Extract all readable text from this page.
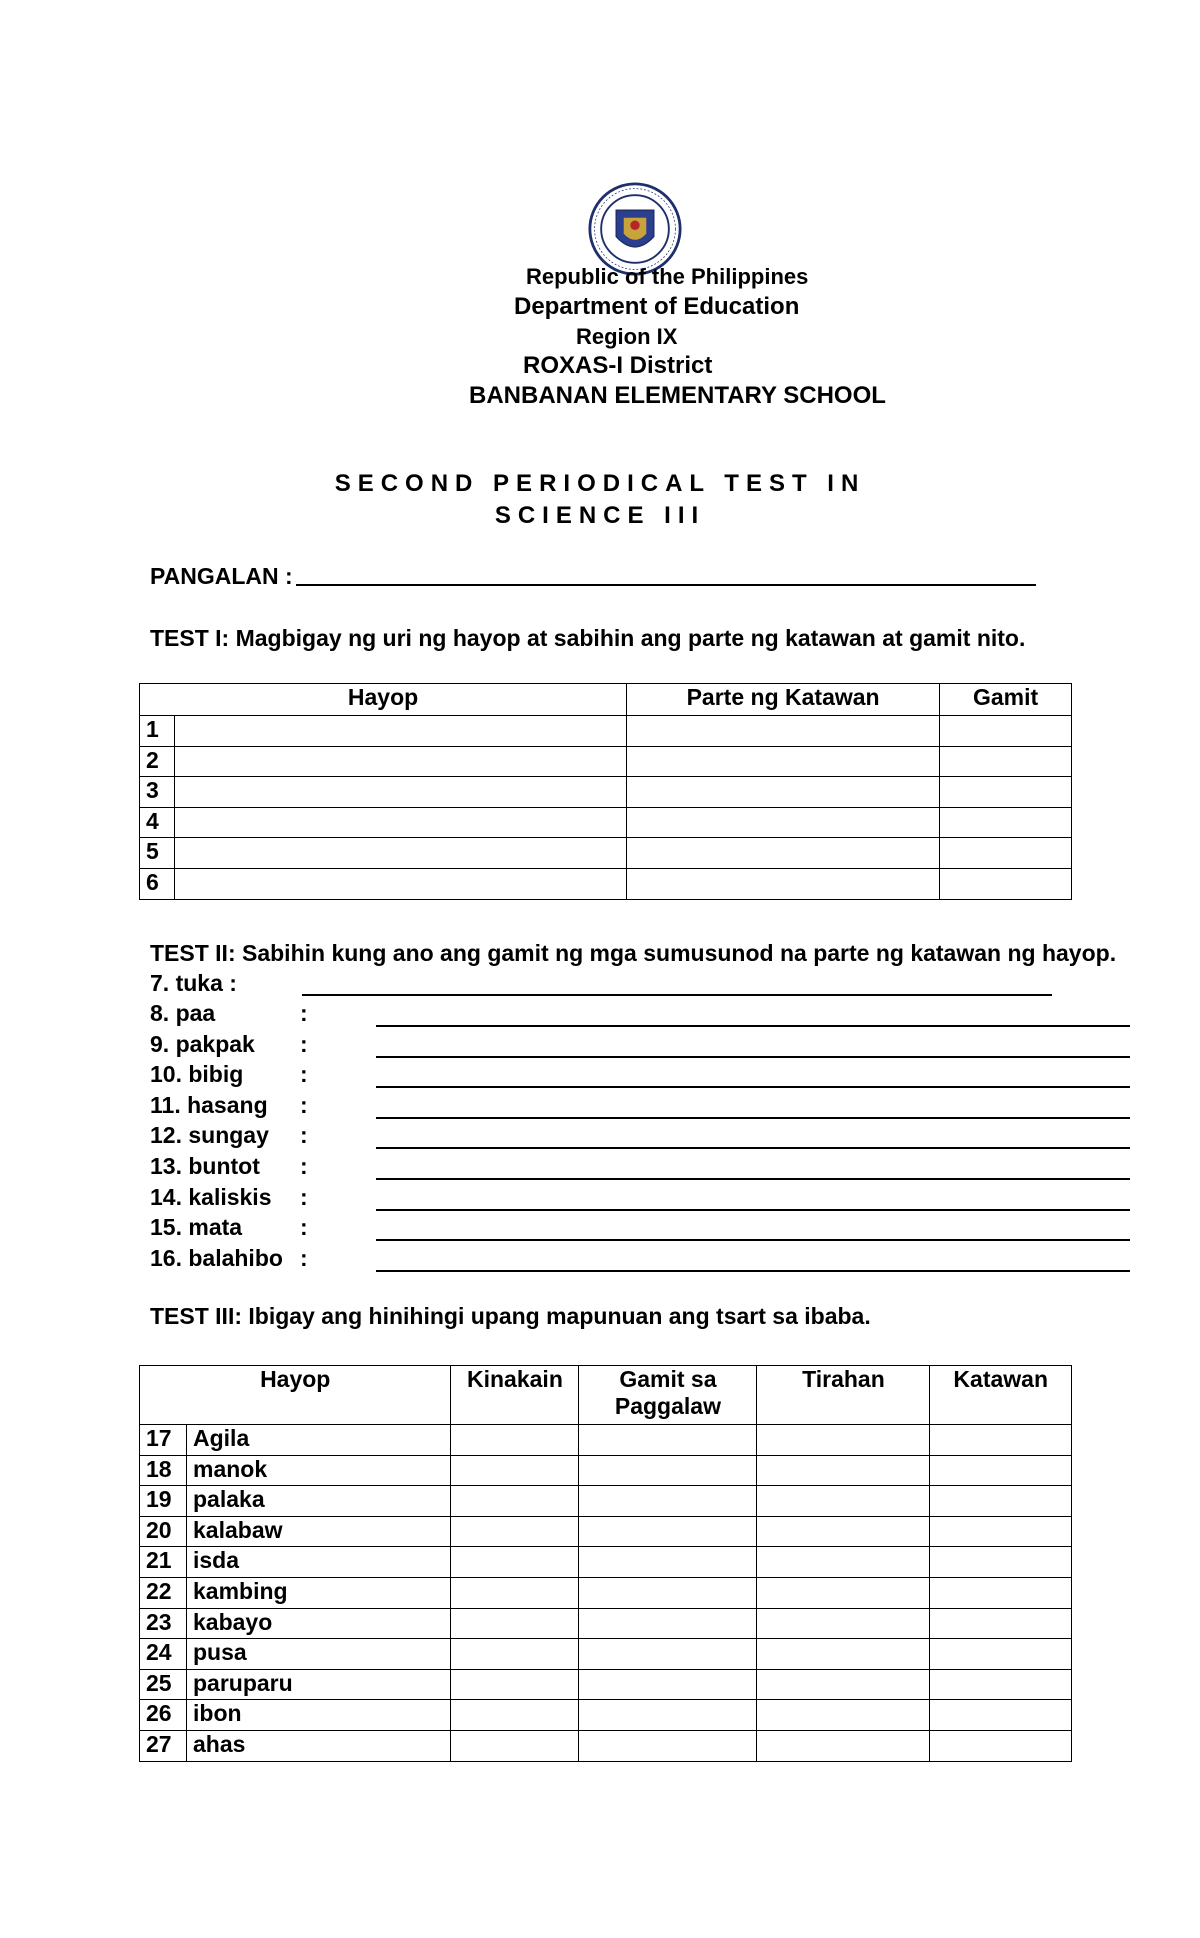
Republic of the Philippines
Department of Education
Region IX
ROXAS-I District
BANBANAN ELEMENTARY SCHOOL
SECOND PERIODICAL TEST IN
SCIENCE III
PANGALAN :
TEST I: Magbigay ng uri ng hayop at sabihin ang parte ng katawan at gamit nito.
Hayop		Parte ng Katawan	Gamit
1			
2			
3			
4			
5			
6			
TEST II: Sabihin kung ano ang gamit ng mga sumusunod na parte ng katawan ng hayop.
7. tuka :
8. paa	:
9. pakpak :
10. bibig :
11. hasang :
12. sungay :
13. buntot :
14. kaliskis :
15. mata	:
16. balahibo :
TEST III: Ibigay ang hinihingi upang mapunuan ang tsart sa ibaba.
Hayop		Kinakain	Gamit sa Paggalaw	Tirahan	Katawan
17	Agila				
18	manok				
19	palaka				
20	kalabaw				
21	isda				
22	kambing				
23	kabayo				
24	pusa				
25	paruparu				
26	ibon				
27	ahas				
